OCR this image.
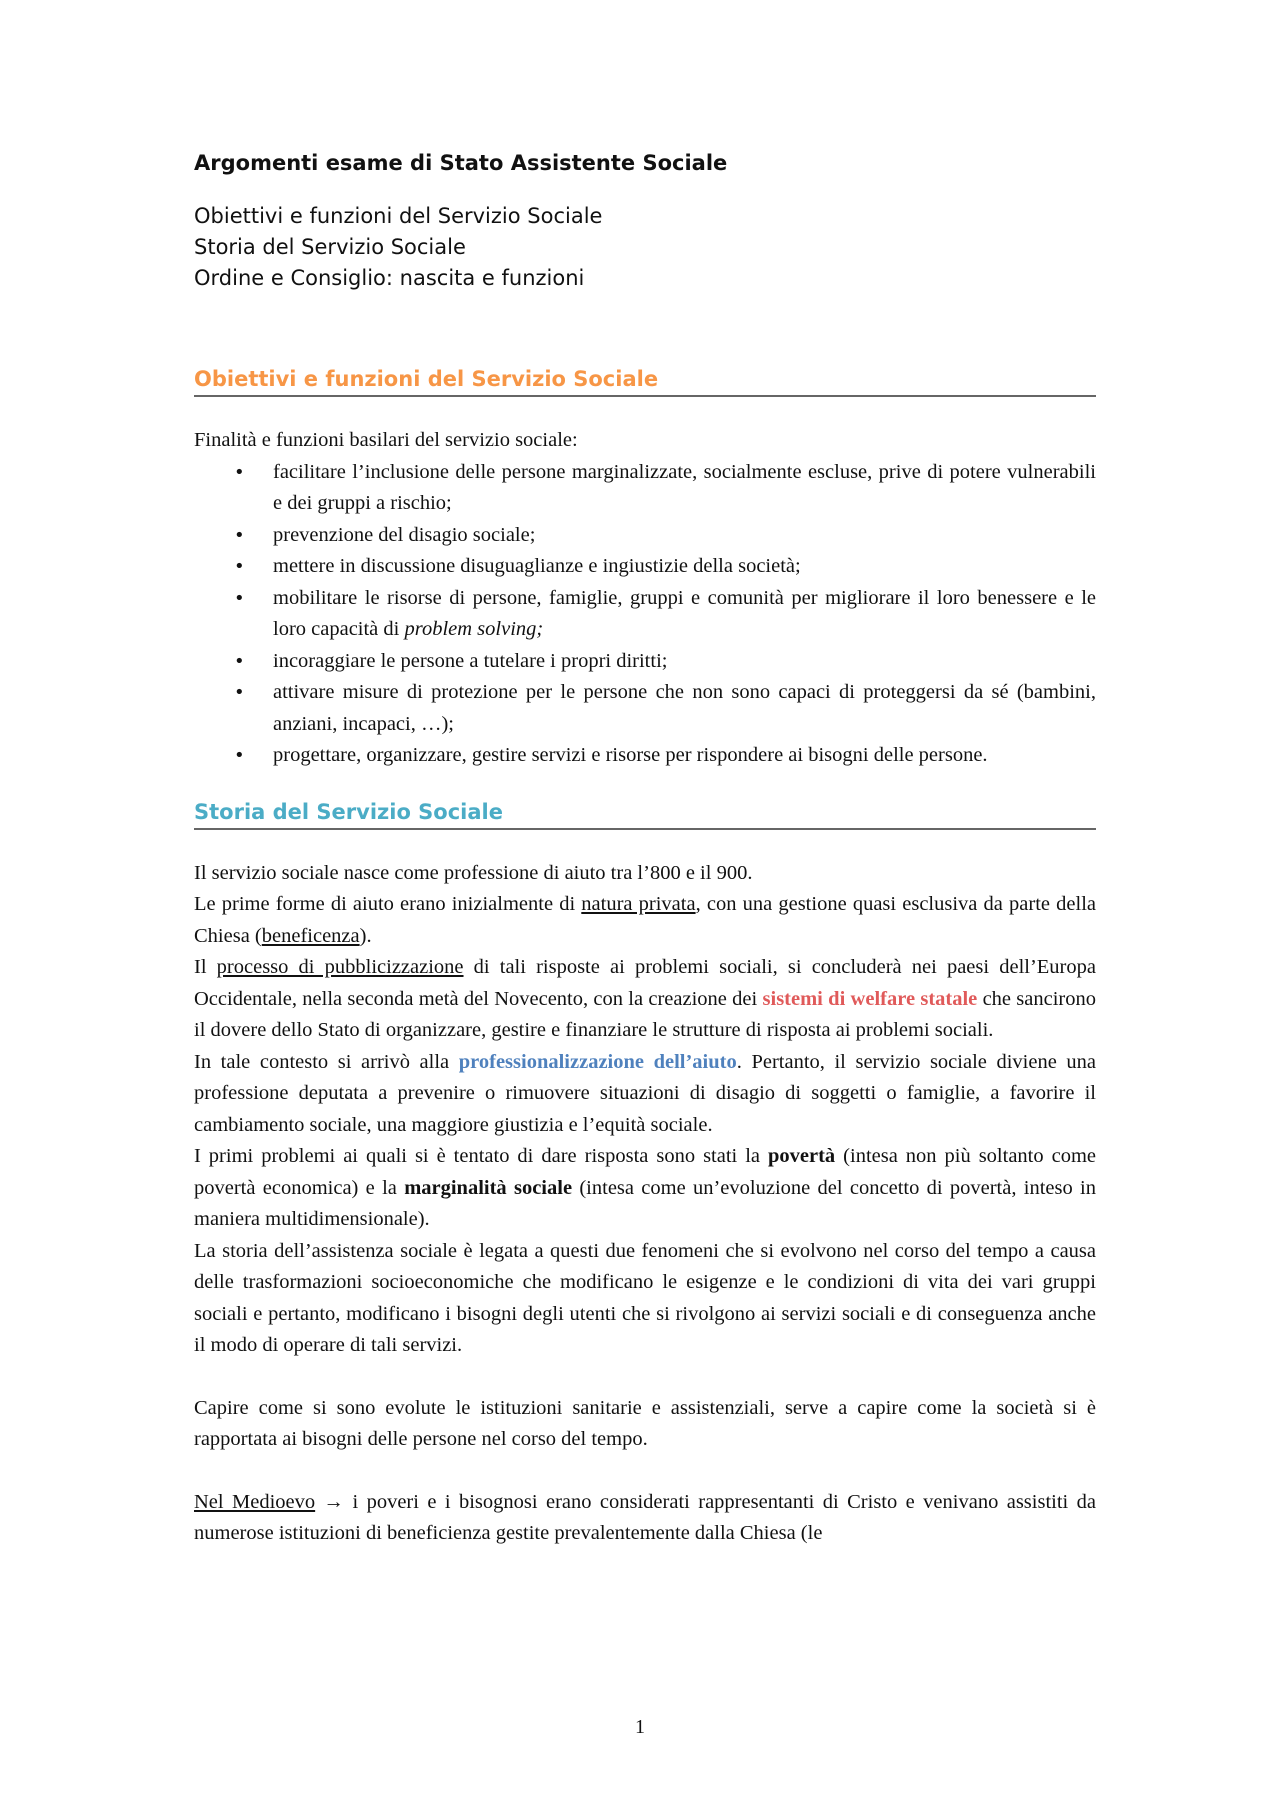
Argomenti esame di Stato Assistente Sociale
Obiettivi e funzioni del Servizio Sociale
Storia del Servizio Sociale
Ordine e Consiglio: nascita e funzioni
Obiettivi e funzioni del Servizio Sociale
Finalità e funzioni basilari del servizio sociale:
• facilitare l’inclusione delle persone marginalizzate, socialmente escluse, prive di potere vulnerabili e dei gruppi a rischio;
• prevenzione del disagio sociale;
• mettere in discussione disuguaglianze e ingiustizie della società;
• mobilitare le risorse di persone, famiglie, gruppi e comunità per migliorare il loro benessere e le loro capacità di problem solving;
• incoraggiare le persone a tutelare i propri diritti;
• attivare misure di protezione per le persone che non sono capaci di proteggersi da sé (bambini, anziani, incapaci, …);
• progettare, organizzare, gestire servizi e risorse per rispondere ai bisogni delle persone.
Storia del Servizio Sociale
Il servizio sociale nasce come professione di aiuto tra l’800 e il 900.
Le prime forme di aiuto erano inizialmente di natura privata, con una gestione quasi esclusiva da parte della Chiesa (beneficenza).
Il processo di pubblicizzazione di tali risposte ai problemi sociali, si concluderà nei paesi dell’Europa Occidentale, nella seconda metà del Novecento, con la creazione dei sistemi di welfare statale che sancirono il dovere dello Stato di organizzare, gestire e finanziare le strutture di risposta ai problemi sociali.
In tale contesto si arrivò alla professionalizzazione dell’aiuto. Pertanto, il servizio sociale diviene una professione deputata a prevenire o rimuovere situazioni di disagio di soggetti o famiglie, a favorire il cambiamento sociale, una maggiore giustizia e l’equità sociale.
I primi problemi ai quali si è tentato di dare risposta sono stati la povertà (intesa non più soltanto come povertà economica) e la marginalità sociale (intesa come un’evoluzione del concetto di povertà, inteso in maniera multidimensionale).
La storia dell’assistenza sociale è legata a questi due fenomeni che si evolvono nel corso del tempo a causa delle trasformazioni socioeconomiche che modificano le esigenze e le condizioni di vita dei vari gruppi sociali e pertanto, modificano i bisogni degli utenti che si rivolgono ai servizi sociali e di conseguenza anche il modo di operare di tali servizi.
Capire come si sono evolute le istituzioni sanitarie e assistenziali, serve a capire come la società si è rapportata ai bisogni delle persone nel corso del tempo.
Nel Medioevo → i poveri e i bisognosi erano considerati rappresentanti di Cristo e venivano assistiti da numerose istituzioni di beneficienza gestite prevalentemente dalla Chiesa (le
1
